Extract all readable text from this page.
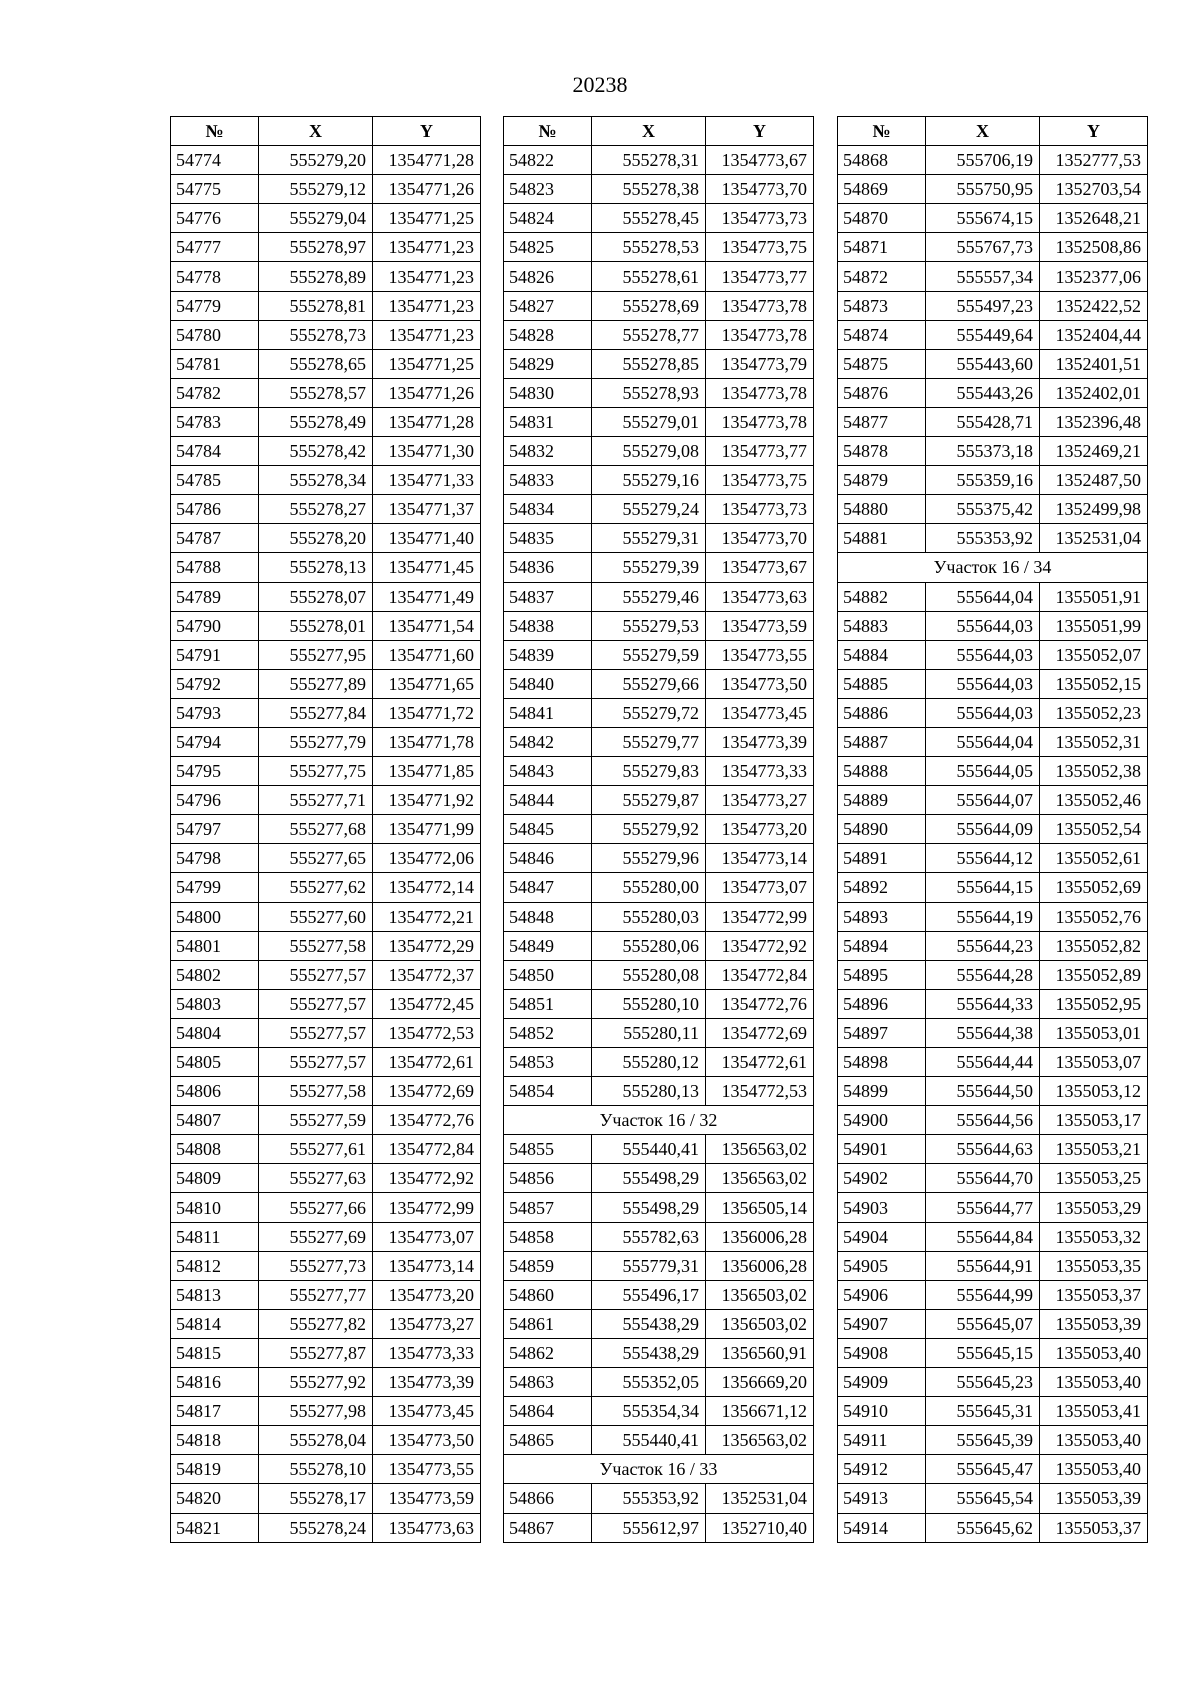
20238
№	X	Y
54774	555279,20	1354771,28
54775	555279,12	1354771,26
54776	555279,04	1354771,25
54777	555278,97	1354771,23
54778	555278,89	1354771,23
54779	555278,81	1354771,23
54780	555278,73	1354771,23
54781	555278,65	1354771,25
54782	555278,57	1354771,26
54783	555278,49	1354771,28
54784	555278,42	1354771,30
54785	555278,34	1354771,33
54786	555278,27	1354771,37
54787	555278,20	1354771,40
54788	555278,13	1354771,45
54789	555278,07	1354771,49
54790	555278,01	1354771,54
54791	555277,95	1354771,60
54792	555277,89	1354771,65
54793	555277,84	1354771,72
54794	555277,79	1354771,78
54795	555277,75	1354771,85
54796	555277,71	1354771,92
54797	555277,68	1354771,99
54798	555277,65	1354772,06
54799	555277,62	1354772,14
54800	555277,60	1354772,21
54801	555277,58	1354772,29
54802	555277,57	1354772,37
54803	555277,57	1354772,45
54804	555277,57	1354772,53
54805	555277,57	1354772,61
54806	555277,58	1354772,69
54807	555277,59	1354772,76
54808	555277,61	1354772,84
54809	555277,63	1354772,92
54810	555277,66	1354772,99
54811	555277,69	1354773,07
54812	555277,73	1354773,14
54813	555277,77	1354773,20
54814	555277,82	1354773,27
54815	555277,87	1354773,33
54816	555277,92	1354773,39
54817	555277,98	1354773,45
54818	555278,04	1354773,50
54819	555278,10	1354773,55
54820	555278,17	1354773,59
54821	555278,24	1354773,63
№	X	Y
54822	555278,31	1354773,67
54823	555278,38	1354773,70
54824	555278,45	1354773,73
54825	555278,53	1354773,75
54826	555278,61	1354773,77
54827	555278,69	1354773,78
54828	555278,77	1354773,78
54829	555278,85	1354773,79
54830	555278,93	1354773,78
54831	555279,01	1354773,78
54832	555279,08	1354773,77
54833	555279,16	1354773,75
54834	555279,24	1354773,73
54835	555279,31	1354773,70
54836	555279,39	1354773,67
54837	555279,46	1354773,63
54838	555279,53	1354773,59
54839	555279,59	1354773,55
54840	555279,66	1354773,50
54841	555279,72	1354773,45
54842	555279,77	1354773,39
54843	555279,83	1354773,33
54844	555279,87	1354773,27
54845	555279,92	1354773,20
54846	555279,96	1354773,14
54847	555280,00	1354773,07
54848	555280,03	1354772,99
54849	555280,06	1354772,92
54850	555280,08	1354772,84
54851	555280,10	1354772,76
54852	555280,11	1354772,69
54853	555280,12	1354772,61
54854	555280,13	1354772,53
Участок 16 / 32		
54855	555440,41	1356563,02
54856	555498,29	1356563,02
54857	555498,29	1356505,14
54858	555782,63	1356006,28
54859	555779,31	1356006,28
54860	555496,17	1356503,02
54861	555438,29	1356503,02
54862	555438,29	1356560,91
54863	555352,05	1356669,20
54864	555354,34	1356671,12
54865	555440,41	1356563,02
Участок 16 / 33		
54866	555353,92	1352531,04
54867	555612,97	1352710,40
№	X	Y
54868	555706,19	1352777,53
54869	555750,95	1352703,54
54870	555674,15	1352648,21
54871	555767,73	1352508,86
54872	555557,34	1352377,06
54873	555497,23	1352422,52
54874	555449,64	1352404,44
54875	555443,60	1352401,51
54876	555443,26	1352402,01
54877	555428,71	1352396,48
54878	555373,18	1352469,21
54879	555359,16	1352487,50
54880	555375,42	1352499,98
54881	555353,92	1352531,04
Участок 16 / 34		
54882	555644,04	1355051,91
54883	555644,03	1355051,99
54884	555644,03	1355052,07
54885	555644,03	1355052,15
54886	555644,03	1355052,23
54887	555644,04	1355052,31
54888	555644,05	1355052,38
54889	555644,07	1355052,46
54890	555644,09	1355052,54
54891	555644,12	1355052,61
54892	555644,15	1355052,69
54893	555644,19	1355052,76
54894	555644,23	1355052,82
54895	555644,28	1355052,89
54896	555644,33	1355052,95
54897	555644,38	1355053,01
54898	555644,44	1355053,07
54899	555644,50	1355053,12
54900	555644,56	1355053,17
54901	555644,63	1355053,21
54902	555644,70	1355053,25
54903	555644,77	1355053,29
54904	555644,84	1355053,32
54905	555644,91	1355053,35
54906	555644,99	1355053,37
54907	555645,07	1355053,39
54908	555645,15	1355053,40
54909	555645,23	1355053,40
54910	555645,31	1355053,41
54911	555645,39	1355053,40
54912	555645,47	1355053,40
54913	555645,54	1355053,39
54914	555645,62	1355053,37
